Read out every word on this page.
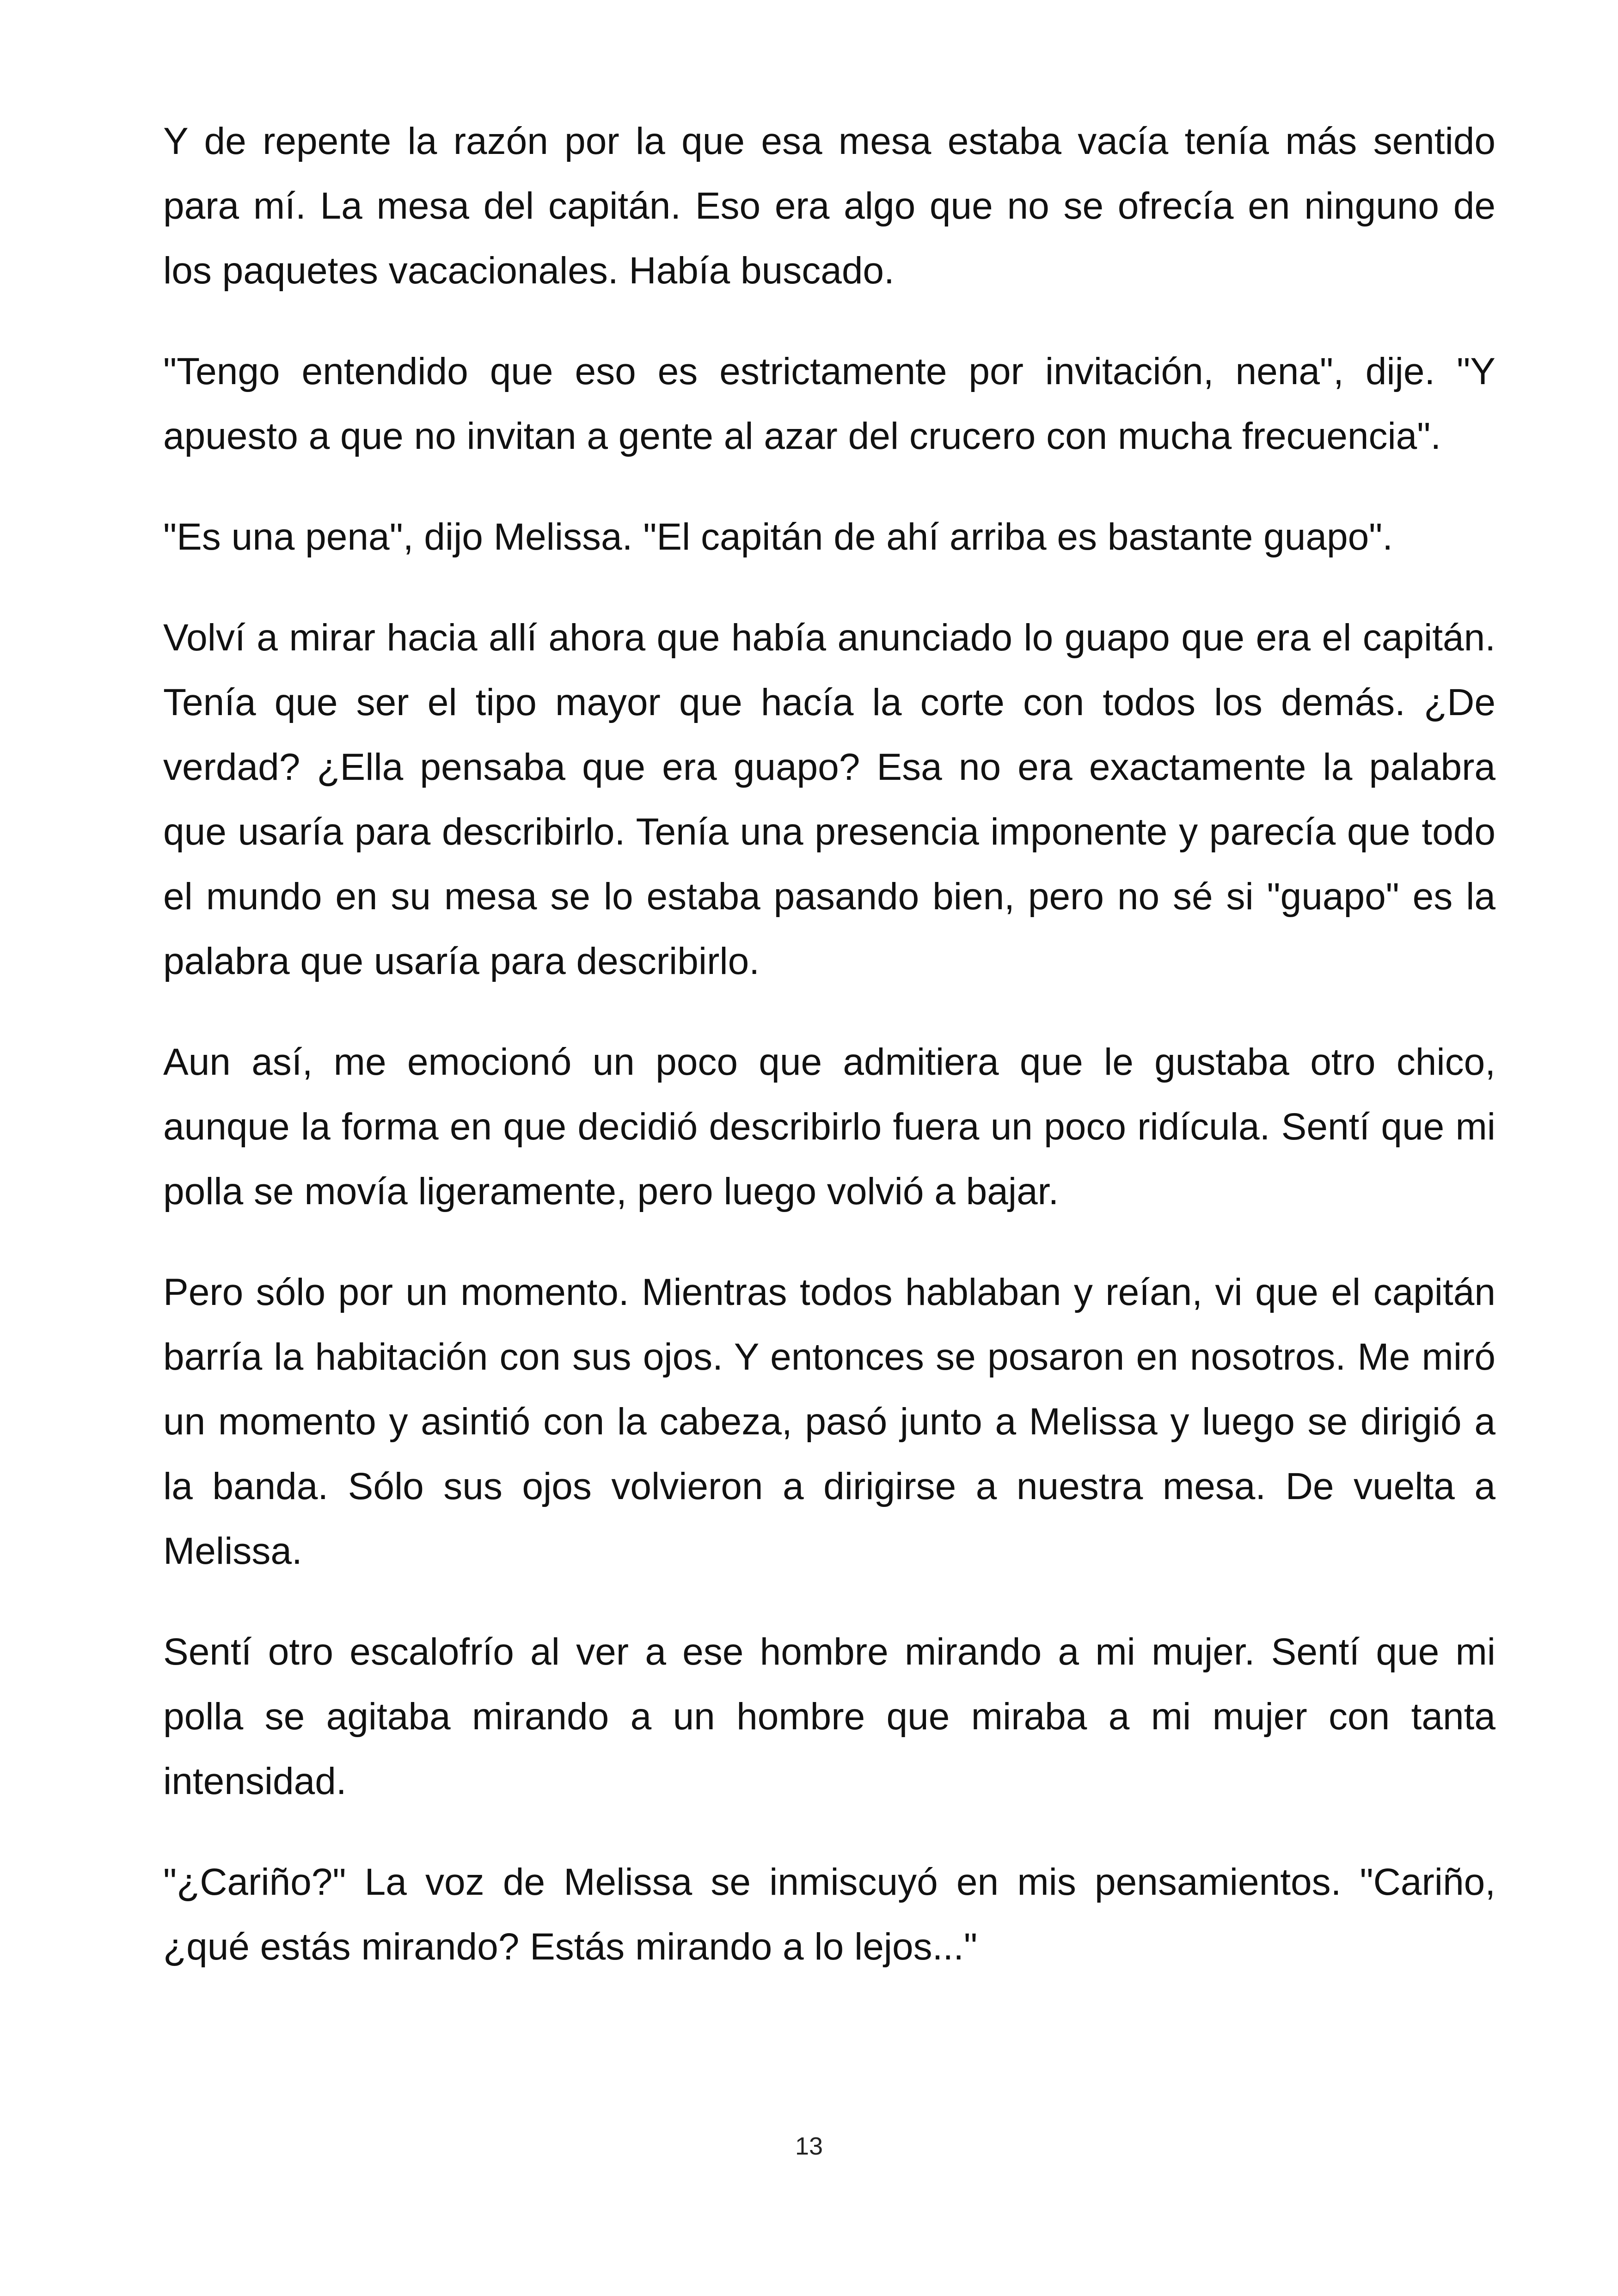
Y de repente la razón por la que esa mesa estaba vacía tenía más sentido para mí. La mesa del capitán. Eso era algo que no se ofrecía en ninguno de los paquetes vacacionales. Había buscado.

"Tengo entendido que eso es estrictamente por invitación, nena", dije. "Y apuesto a que no invitan a gente al azar del crucero con mucha frecuencia".

"Es una pena", dijo Melissa. "El capitán de ahí arriba es bastante guapo".

Volví a mirar hacia allí ahora que había anunciado lo guapo que era el capitán. Tenía que ser el tipo mayor que hacía la corte con todos los demás. ¿De verdad? ¿Ella pensaba que era guapo? Esa no era exactamente la palabra que usaría para describirlo. Tenía una presencia imponente y parecía que todo el mundo en su mesa se lo estaba pasando bien, pero no sé si "guapo" es la palabra que usaría para describirlo.

Aun así, me emocionó un poco que admitiera que le gustaba otro chico, aunque la forma en que decidió describirlo fuera un poco ridícula. Sentí que mi polla se movía ligeramente, pero luego volvió a bajar.

Pero sólo por un momento. Mientras todos hablaban y reían, vi que el capitán barría la habitación con sus ojos. Y entonces se posaron en nosotros. Me miró un momento y asintió con la cabeza, pasó junto a Melissa y luego se dirigió a la banda. Sólo sus ojos volvieron a dirigirse a nuestra mesa. De vuelta a Melissa.

Sentí otro escalofrío al ver a ese hombre mirando a mi mujer. Sentí que mi polla se agitaba mirando a un hombre que miraba a mi mujer con tanta intensidad.

"¿Cariño?" La voz de Melissa se inmiscuyó en mis pensamientos. "Cariño, ¿qué estás mirando? Estás mirando a lo lejos..."

13
